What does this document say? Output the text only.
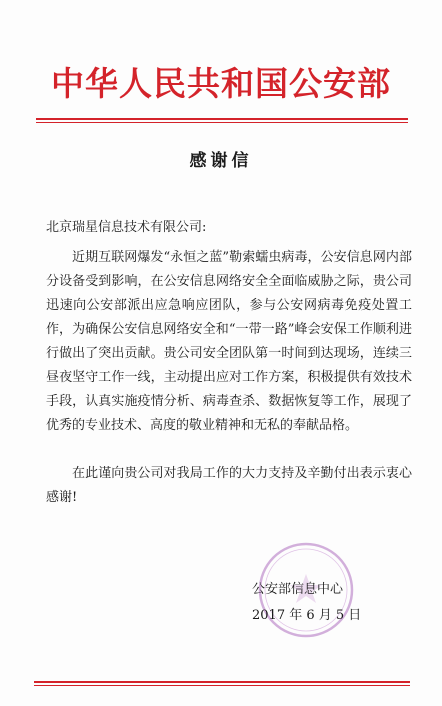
中华人民共和国公安部
感谢信
北京瑞星信息技术有限公司:
近期互联网爆发“永恒之蓝”勒索蠕虫病毒，公安信息网内部分设备受到影响，在公安信息网络安全全面临威胁之际，贵公司迅速向公安部派出应急响应团队，参与公安网病毒免疫处置工作，为确保公安信息网络安全和“一带一路”峰会安保工作顺利进行做出了突出贡献。贵公司安全团队第一时间到达现场，连续三昼夜坚守工作一线，主动提出应对工作方案，积极提供有效技术手段，认真实施疫情分析、病毒查杀、数据恢复等工作，展现了优秀的专业技术、高度的敬业精神和无私的奉献品格。
在此谨向贵公司对我局工作的大力支持及辛勤付出表示衷心感谢!
公安部信息中心
2017 年 6 月 5 日
